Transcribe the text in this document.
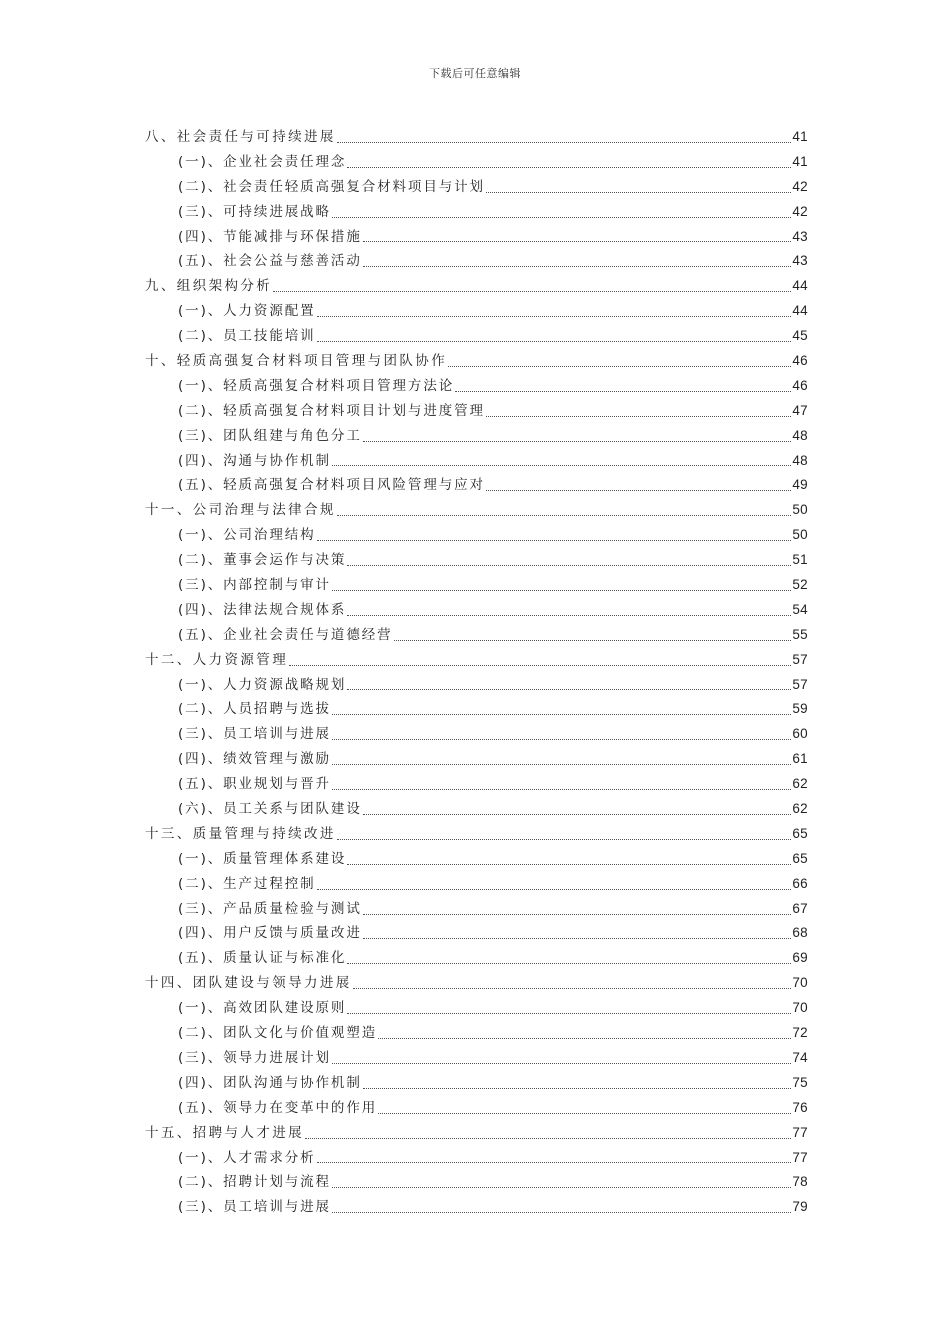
下载后可任意编辑
八、社会责任与可持续进展	41
(一)、企业社会责任理念	41
(二)、社会责任轻质高强复合材料项目与计划	42
(三)、可持续进展战略	42
(四)、节能减排与环保措施	43
(五)、社会公益与慈善活动	43
九、组织架构分析	44
(一)、人力资源配置	44
(二)、员工技能培训	45
十、轻质高强复合材料项目管理与团队协作	46
(一)、轻质高强复合材料项目管理方法论	46
(二)、轻质高强复合材料项目计划与进度管理	47
(三)、团队组建与角色分工	48
(四)、沟通与协作机制	48
(五)、轻质高强复合材料项目风险管理与应对	49
十一、公司治理与法律合规	50
(一)、公司治理结构	50
(二)、董事会运作与决策	51
(三)、内部控制与审计	52
(四)、法律法规合规体系	54
(五)、企业社会责任与道德经营	55
十二、人力资源管理	57
(一)、人力资源战略规划	57
(二)、人员招聘与选拔	59
(三)、员工培训与进展	60
(四)、绩效管理与激励	61
(五)、职业规划与晋升	62
(六)、员工关系与团队建设	62
十三、质量管理与持续改进	65
(一)、质量管理体系建设	65
(二)、生产过程控制	66
(三)、产品质量检验与测试	67
(四)、用户反馈与质量改进	68
(五)、质量认证与标准化	69
十四、团队建设与领导力进展	70
(一)、高效团队建设原则	70
(二)、团队文化与价值观塑造	72
(三)、领导力进展计划	74
(四)、团队沟通与协作机制	75
(五)、领导力在变革中的作用	76
十五、招聘与人才进展	77
(一)、人才需求分析	77
(二)、招聘计划与流程	78
(三)、员工培训与进展	79
